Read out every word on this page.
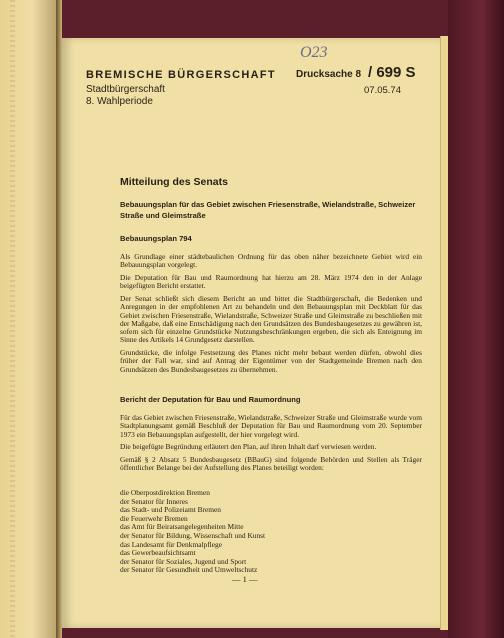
O23
BREMISCHE BÜRGERSCHAFT
Stadtbürgerschaft
8. Wahlperiode
Drucksache 8 / 699 S
07.05.74
Mitteilung des Senats
Bebauungsplan für das Gebiet zwischen Friesenstraße, Wielandstraße, Schweizer Straße und Gleimstraße
Bebauungsplan 794

Als Grundlage einer städtebaulichen Ordnung für das oben näher bezeichnete Gebiet wird ein Bebauungsplan vorgelegt.

Die Deputation für Bau und Raumordnung hat hierzu am 28. März 1974 den in der Anlage beigefügten Bericht erstattet.

Der Senat schließt sich diesem Bericht an und bittet die Stadtbürgerschaft, die Bedenken und Anregungen in der empfohlenen Art zu behandeln und den Bebauungsplan mit Deckblatt für das Gebiet zwischen Friesenstraße, Wielandstraße, Schweizer Straße und Gleimstraße zu beschließen mit der Maßgabe, daß eine Entschädigung nach den Grundsätzen des Bundesbaugesetzes zu gewähren ist, sofern sich für einzelne Grundstücke Nutzungsbeschränkungen ergeben, die sich als Enteignung im Sinne des Artikels 14 Grundgesetz darstellen.

Grundstücke, die infolge Festsetzung des Planes nicht mehr bebaut werden dürfen, obwohl dies früher der Fall war, sind auf Antrag der Eigentümer von der Stadtgemeinde Bremen nach den Grundsätzen des Bundesbaugesetzes zu übernehmen.

Bericht der Deputation für Bau und Raumordnung

Für das Gebiet zwischen Friesenstraße, Wielandstraße, Schweizer Straße und Gleimstraße wurde vom Stadtplanungsamt gemäß Beschluß der Deputation für Bau und Raumordnung vom 20. September 1973 ein Bebauungsplan aufgestellt, der hier vorgelegt wird.

Die beigefügte Begründung erläutert den Plan, auf ihren Inhalt darf verwiesen werden.

Gemäß § 2 Absatz 5 Bundesbaugesetz (BBauG) sind folgende Behörden und Stellen als Träger öffentlicher Belange bei der Aufstellung des Planes beteiligt worden:

die Oberpostdirektion Bremen
der Senator für Inneres
das Stadt- und Polizeiamt Bremen
die Feuerwehr Bremen
das Amt für Beiratsangelegenheiten Mitte
der Senator für Bildung, Wissenschaft und Kunst
das Landesamt für Denkmalpflege
das Gewerbeaufsichtsamt
der Senator für Soziales, Jugend und Sport
der Senator für Gesundheit und Umweltschutz
— 1 —
